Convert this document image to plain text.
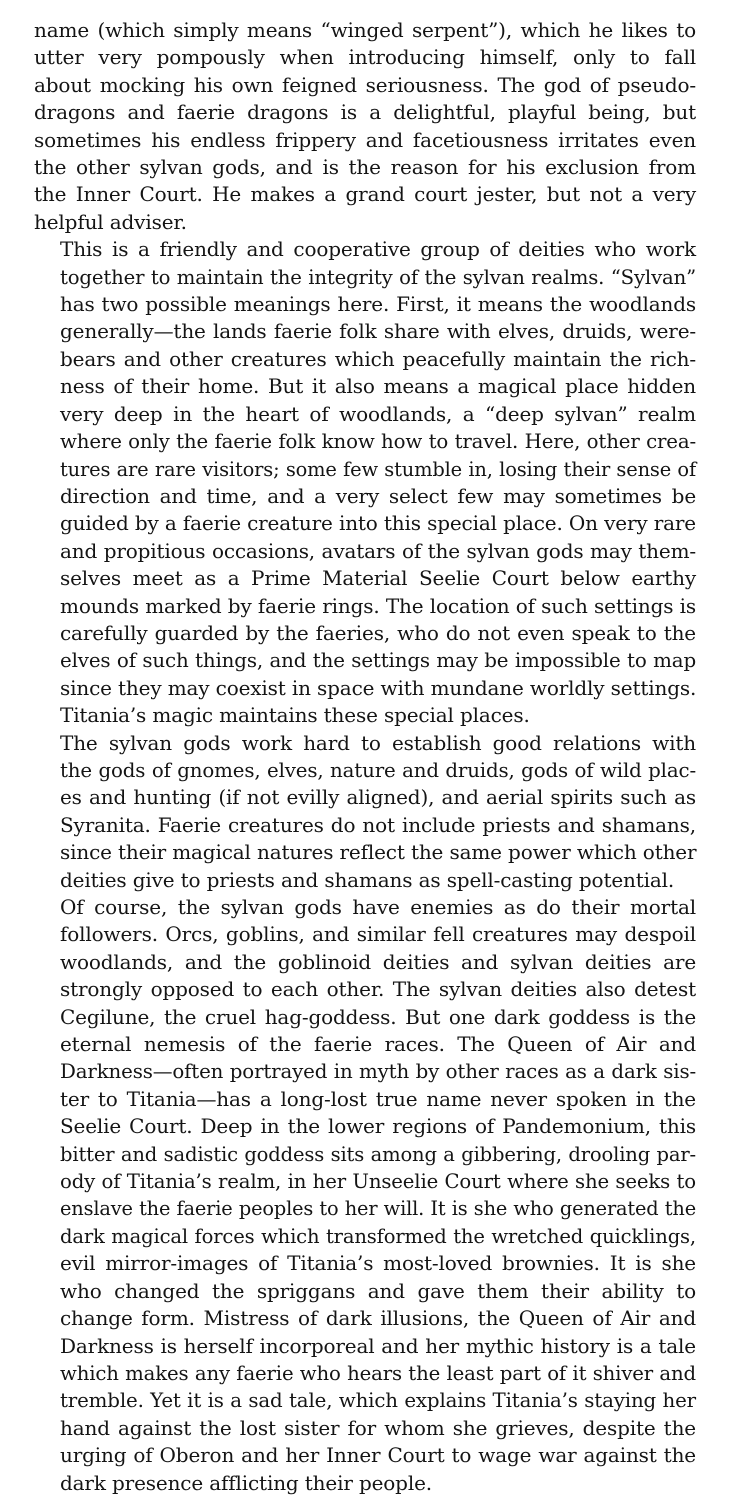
name (which simply means “winged serpent”), which he likes to
utter very pompously when introducing himself, only to fall
about mocking his own feigned seriousness. The god of pseudo-
dragons and faerie dragons is a delightful, playful being, but
sometimes his endless frippery and facetiousness irritates even
the other sylvan gods, and is the reason for his exclusion from
the Inner Court. He makes a grand court jester, but not a very
helpful adviser.

This is a friendly and cooperative group of deities who work
together to maintain the integrity of the sylvan realms. “Sylvan”
has two possible meanings here. First, it means the woodlands
generally—the lands faerie folk share with elves, druids, were-
bears and other creatures which peacefully maintain the rich-
ness of their home. But it also means a magical place hidden
very deep in the heart of woodlands, a “deep sylvan” realm
where only the faerie folk know how to travel. Here, other crea-
tures are rare visitors; some few stumble in, losing their sense of
direction and time, and a very select few may sometimes be
guided by a faerie creature into this special place. On very rare
and propitious occasions, avatars of the sylvan gods may them-
selves meet as a Prime Material Seelie Court below earthy
mounds marked by faerie rings. The location of such settings is
carefully guarded by the faeries, who do not even speak to the
elves of such things, and the settings may be impossible to map
since they may coexist in space with mundane worldly settings.
Titania’s magic maintains these special places.

The sylvan gods work hard to establish good relations with
the gods of gnomes, elves, nature and druids, gods of wild plac-
es and hunting (if not evilly aligned), and aerial spirits such as
Syranita. Faerie creatures do not include priests and shamans,
since their magical natures reflect the same power which other
deities give to priests and shamans as spell-casting potential.

Of course, the sylvan gods have enemies as do their mortal
followers. Orcs, goblins, and similar fell creatures may despoil
woodlands, and the goblinoid deities and sylvan deities are
strongly opposed to each other. The sylvan deities also detest
Cegilune, the cruel hag-goddess. But one dark goddess is the
eternal nemesis of the faerie races. The Queen of Air and
Darkness—often portrayed in myth by other races as a dark sis-
ter to Titania—has a long-lost true name never spoken in the
Seelie Court. Deep in the lower regions of Pandemonium, this
bitter and sadistic goddess sits among a gibbering, drooling par-
ody of Titania’s realm, in her Unseelie Court where she seeks to
enslave the faerie peoples to her will. It is she who generated the
dark magical forces which transformed the wretched quicklings,
evil mirror-images of Titania’s most-loved brownies. It is she
who changed the spriggans and gave them their ability to
change form. Mistress of dark illusions, the Queen of Air and
Darkness is herself incorporeal and her mythic history is a tale
which makes any faerie who hears the least part of it shiver and
tremble. Yet it is a sad tale, which explains Titania’s staying her
hand against the lost sister for whom she grieves, despite the
urging of Oberon and her Inner Court to wage war against the
dark presence afflicting their people.
